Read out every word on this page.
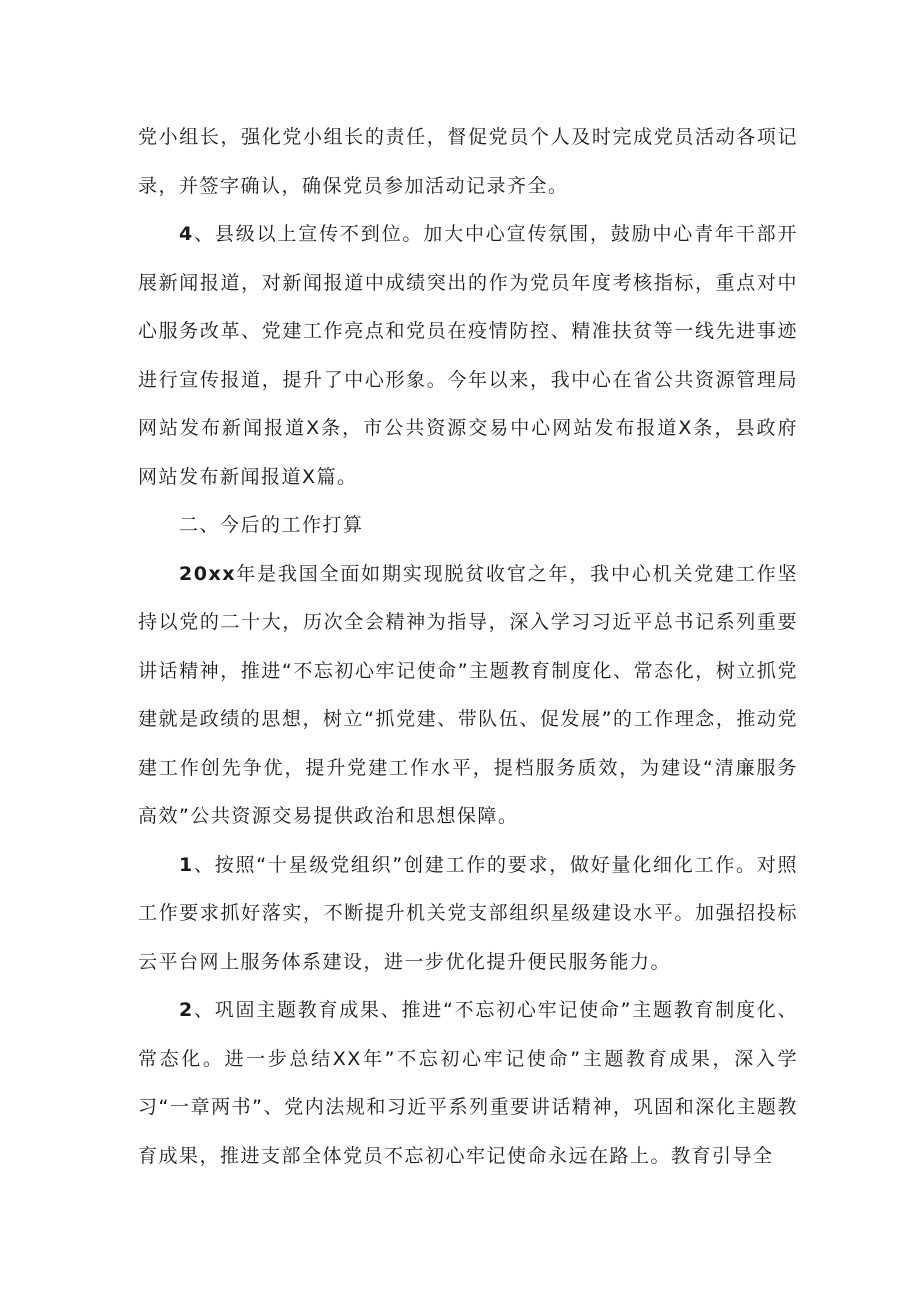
党小组长，强化党小组长的责任，督促党员个人及时完成党员活动各项记录，并签字确认，确保党员参加活动记录齐全。

4、县级以上宣传不到位。加大中心宣传氛围，鼓励中心青年干部开展新闻报道，对新闻报道中成绩突出的作为党员年度考核指标，重点对中心服务改革、党建工作亮点和党员在疫情防控、精准扶贫等一线先进事迹进行宣传报道，提升了中心形象。今年以来，我中心在省公共资源管理局网站发布新闻报道X条，市公共资源交易中心网站发布报道X条，县政府网站发布新闻报道X篇。

二、今后的工作打算

20xx年是我国全面如期实现脱贫收官之年，我中心机关党建工作坚持以党的二十大，历次全会精神为指导，深入学习习近平总书记系列重要讲话精神，推进“不忘初心牢记使命”主题教育制度化、常态化，树立抓党建就是政绩的思想，树立“抓党建、带队伍、促发展”的工作理念，推动党建工作创先争优，提升党建工作水平，提档服务质效，为建设“清廉服务高效”公共资源交易提供政治和思想保障。

1、按照“十星级党组织”创建工作的要求，做好量化细化工作。对照工作要求抓好落实，不断提升机关党支部组织星级建设水平。加强招投标云平台网上服务体系建设，进一步优化提升便民服务能力。

2、巩固主题教育成果、推进“不忘初心牢记使命”主题教育制度化、常态化。进一步总结XX年”不忘初心牢记使命”主题教育成果，深入学习“一章两书”、党内法规和习近平系列重要讲话精神，巩固和深化主题教育成果，推进支部全体党员不忘初心牢记使命永远在路上。教育引导全
